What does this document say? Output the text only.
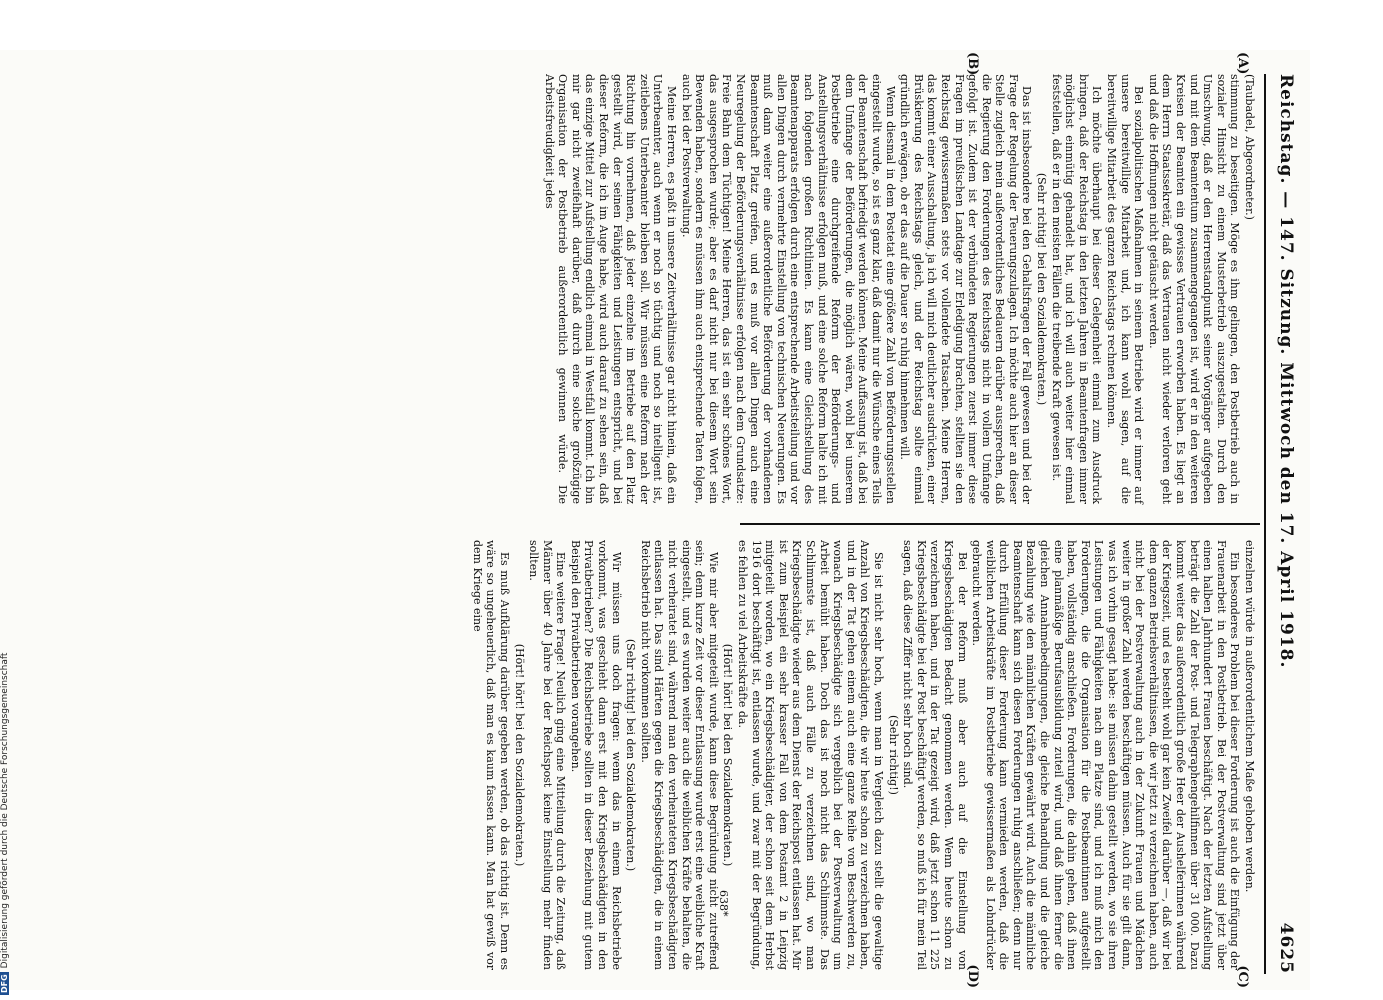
Reichstag. — 147. Sitzung. Mittwoch den 17. April 1918.
4625
(A)
(B)
(C)
(D)

(Taubadel, Abgeordneter.)

stimmung zu beseitigen. Möge es ihm gelingen, den Postbetrieb auch in sozialer Hinsicht zu einem Musterbetrieb auszugestalten. Durch den Umschwung, daß er den Herrenstandpunkt seiner Vorgänger aufgegeben und mit dem Beamtentum zusammengegangen ist, wird er in den weiteren Kreisen der Beamten ein gewisses Vertrauen erworben haben. Es liegt an dem Herrn Staatssekretär, daß das Vertrauen nicht wieder verloren geht und daß die Hoffnungen nicht getäuscht werden.

Bei sozialpolitischen Maßnahmen in seinem Betriebe wird er immer auf unsere bereitwillige Mitarbeit und, ich kann wohl sagen, auf die bereitwillige Mitarbeit des ganzen Reichstags rechnen können.

Ich möchte überhaupt bei dieser Gelegenheit einmal zum Ausdruck bringen, daß der Reichstag in den letzten Jahren in Beamtenfragen immer möglichst einmütig gehandelt hat, und ich will auch weiter hier einmal feststellen, daß er in den meisten Fällen die treibende Kraft gewesen ist.

(Sehr richtig! bei den Sozialdemokraten.)

Das ist insbesondere bei den Gehaltsfragen der Fall gewesen und bei der Frage der Regelung der Teuerungszulagen. Ich möchte auch hier an dieser Stelle zugleich mein außerordentliches Bedauern darüber aussprechen, daß die Regierung den Forderungen des Reichstags nicht in vollem Umfange gefolgt ist. Zudem ist der verbündeten Regierungen zuerst immer diese Fragen im preußischen Landtage zur Erledigung brachten, stellten sie den Reichstag gewissermaßen stets vor vollendete Tatsachen. Meine Herren, das kommt einer Ausschaltung, ja ich will mich deutlicher ausdrücken, einer Brüskierung des Reichstags gleich, und der Reichstag sollte einmal gründlich erwägen, ob er das auf die Dauer so ruhig hinnehmen will.

Wenn diesmal in dem Postetat eine größere Zahl von Beförderungsstellen eingestellt wurde, so ist es ganz klar, daß damit nur die Wünsche eines Teils der Beamtenschaft befriedigt werden können. Meine Auffassung ist, daß bei dem Umfange der Beförderungen, die möglich wären, wohl bei unserem Postbetriebe eine durchgreifende Reform der Beförderungs- und Anstellungsverhältnisse erfolgen muß, und eine solche Reform halte ich mit nach folgenden großen Richtlinien. Es kann eine Gleichstellung des Beamtenapparats erfolgen durch eine entsprechende Arbeitsteilung und vor allen Dingen durch vermehrte Einstellung von technischen Neuerungen. Es muß dann weiter eine außerordentliche Beförderung der vorhandenen Beamtenschaft Platz greifen, und es muß vor allen Dingen auch eine Neuregelung der Beförderungsverhältnisse erfolgen nach dem Grundsatze: Freie Bahn dem Tüchtigen! Meine Herren, das ist ein sehr schönes Wort, das ausgesprochen wurde; aber es darf nicht nur bei diesem Wort sein Bewenden haben, sondern es müssen ihm auch entsprechende Taten folgen, auch bei der Postverwaltung.

Meine Herren, es paßt in unsere Zeitverhältnisse gar nicht hinein, daß ein Unterbeamter, auch wenn er noch so tüchtig und noch so intelligent ist, zeitlebens Unterbeamter bleiben soll. Wir müssen eine Reform nach der Richtung hin vornehmen, daß jeder einzelne im Betriebe auf den Platz gestellt wird, der seinen Fähigkeiten und Leistungen entspricht, und bei dieser Reform, die ich im Auge habe, wird auch darauf zu sehen sein, daß das einzige Mittel zur Aufstellung endlich einmal in Westfall kommt. Ich bin mir gar nicht zweifelhaft darüber, daß durch eine solche großzügige Organisation der Postbetrieb außerordentlich gewinnen würde. Die Arbeitsfreudigkeit jedes

einzelnen würde in außerordentlichem Maße gehoben werden.

Ein besonderes Problem bei dieser Forderung ist auch die Einfügung der Frauenarbeit in den Postbetrieb. Bei der Postverwaltung sind jetzt über einen halben Jahrhundert Frauen beschäftigt. Nach der letzten Aufstellung beträgt die Zahl der Post- und Telegraphengehilfinnen über 31 000. Dazu kommt weiter das außerordentlich große Heer der Aushelferinnen während der Kriegszeit, und es besteht wohl gar kein Zweifel darüber —, daß wir bei dem ganzen Betriebsverhältnissen, die wir jetzt zu verzeichnen haben, auch nicht bei der Postverwaltung auch in der Zukunft Frauen und Mädchen weiter in großer Zahl werden beschäftigen müssen. Auch für sie gilt dann, was ich vorhin gesagt habe: sie müssen dahin gestellt werden, wo sie ihren Leistungen und Fähigkeiten nach am Platze sind, und ich muß mich den Forderungen, die die Organisation für die Postbeamtinnen aufgestellt haben, vollständig anschließen. Forderungen, die dahin gehen, daß ihnen eine planmäßige Berufsausbildung zuteil wird, und daß ihnen ferner die gleichen Annahmebedingungen, die gleiche Behandlung und die gleiche Bezahlung wie den männlichen Kräften gewährt wird. Auch die männliche Beamtenschaft kann sich diesen Forderungen ruhig anschließen; denn nur durch Erfüllung dieser Forderung kann vermieden werden, daß die weiblichen Arbeitskräfte im Postbetriebe gewissermaßen als Lohndrücker gebraucht werden.

Bei der Reform muß aber auch auf die Einstellung von Kriegsbeschädigten Bedacht genommen werden. Wenn heute schon zu verzeichnen haben, und in der Tat gezeigt wird, daß jetzt schon 11 225 Kriegsbeschädigte bei der Post beschäftigt werden, so muß ich für mein Teil sagen, daß diese Ziffer nicht sehr hoch sind.

(Sehr richtig!)

Sie ist nicht sehr hoch, wenn man in Vergleich dazu stellt die gewaltige Anzahl von Kriegsbeschädigten, die wir heute schon zu verzeichnen haben, und in der Tat gehen einem auch eine ganze Reihe von Beschwerden zu, wonach Kriegsbeschädigte sich vergeblich bei der Postverwaltung um Arbeit bemüht haben. Doch das ist noch nicht das Schlimmste. Das Schlimmste ist, daß auch Fälle zu verzeichnen sind, wo man Kriegsbeschädigte wieder aus dem Dienst der Reichspost entlassen hat. Mir ist zum Beispiel ein sehr krasser Fall von dem Postamt 2 in Leipzig mitgeteilt worden, wo ein Kriegsbeschädigter, der schon seit dem Herbst 1916 dort beschäftigt ist, entlassen wurde, und zwar mit der Begründung, es fehlen zu viel Arbeitskräfte da.

(Hört! hört! bei den Sozialdemokraten.)

Wie mir aber mitgeteilt wurde, kann diese Begründung nicht zutreffend sein; denn kurze Zeit vor dieser Entlassung wurde erst eine weibliche Kraft eingestellt, und es wurden weiter auch die weiblichen Kräfte behalten, die nicht verheiratet sind, während man den verheirateten Kriegsbeschädigten entlassen hat. Das sind Härten gegen die Kriegsbeschädigten, die in einem Reichsbetrieb nicht vorkommen sollten.

(Sehr richtig! bei den Sozialdemokraten.)

Wir müssen uns doch fragen: wenn das in einem Reichsbetriebe vorkommt, was geschieht dann erst mit den Kriegsbeschädigten in den Privatbetrieben? Die Reichsbetriebe sollten in dieser Beziehung mit gutem Beispiel den Privatbetrieben vorangehen.

Eine weitere Frage! Neulich ging eine Mitteilung durch die Zeitung, daß Männer über 40 Jahre bei der Reichspost keine Einstellung mehr finden sollten.

(Hört! hört! bei den Sozialdemokraten.)

Es muß Aufklärung darüber gegeben werden, ob das richtig ist. Denn es wäre so ungeheuerlich, daß man es kaum fassen kann. Man hat gewiß vor dem Kriege eine

638*
DFGDigitalisierung gefördert durch die Deutsche Forschungsgemeinschaft
